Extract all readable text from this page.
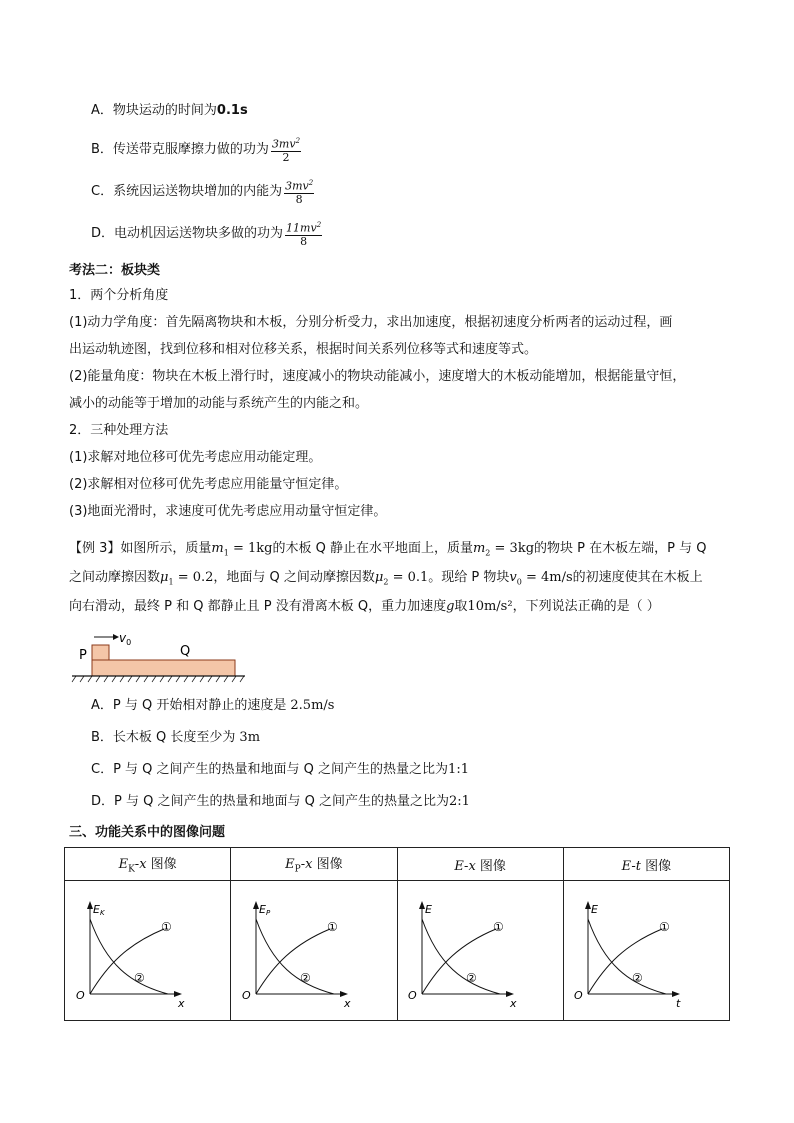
A．物块运动的时间为0.1s
B．传送带克服摩擦力做的功为 $\frac{3mv^2}{2}$
C．系统因运送物块增加的内能为 $\frac{3mv^2}{8}$
D．电动机因运送物块多做的功为 $\frac{11mv^2}{8}$
考法二：板块类
1．两个分析角度
(1)动力学角度：首先隔离物块和木板，分别分析受力，求出加速度，根据初速度分析两者的运动过程，画
出运动轨迹图，找到位移和相对位移关系，根据时间关系列位移等式和速度等式。
(2)能量角度：物块在木板上滑行时，速度减小的物块动能减小，速度增大的木板动能增加，根据能量守恒，
减小的动能等于增加的动能与系统产生的内能之和。
2．三种处理方法
(1)求解对地位移可优先考虑应用动能定理。
(2)求解相对位移可优先考虑应用能量守恒定律。
(3)地面光滑时，求速度可优先考虑应用动量守恒定律。
【例 3】如图所示，质量$m_1 = 1kg$的木板 Q 静止在水平地面上，质量$m_2 = 3kg$的物块 P 在木板左端，P 与 Q
之间动摩擦因数$\mu_1 = 0.2$，地面与 Q 之间动摩擦因数$\mu_2 = 0.1$。现给 P 物块$v_0 = 4m/s$的初速度使其在木板上
向右滑动，最终 P 和 Q 都静止且 P 没有滑离木板 Q，重力加速度g取10m/s²，下列说法正确的是（ ）
$v_0$
P	Q
A．P 与 Q 开始相对静止的速度是 2.5m/s
B．长木板 Q 长度至少为 3m
C．P 与 Q 之间产生的热量和地面与 Q 之间产生的热量之比为1:1
D．P 与 Q 之间产生的热量和地面与 Q 之间产生的热量之比为2:1
三、功能关系中的图像问题
$E_K-x$ 图像	$E_P-x$ 图像	E-x 图像	E-t 图像

EK
O
x
①
②	EP
O
x
①
②	E
O
x
①
②	E
O
t
①
②
